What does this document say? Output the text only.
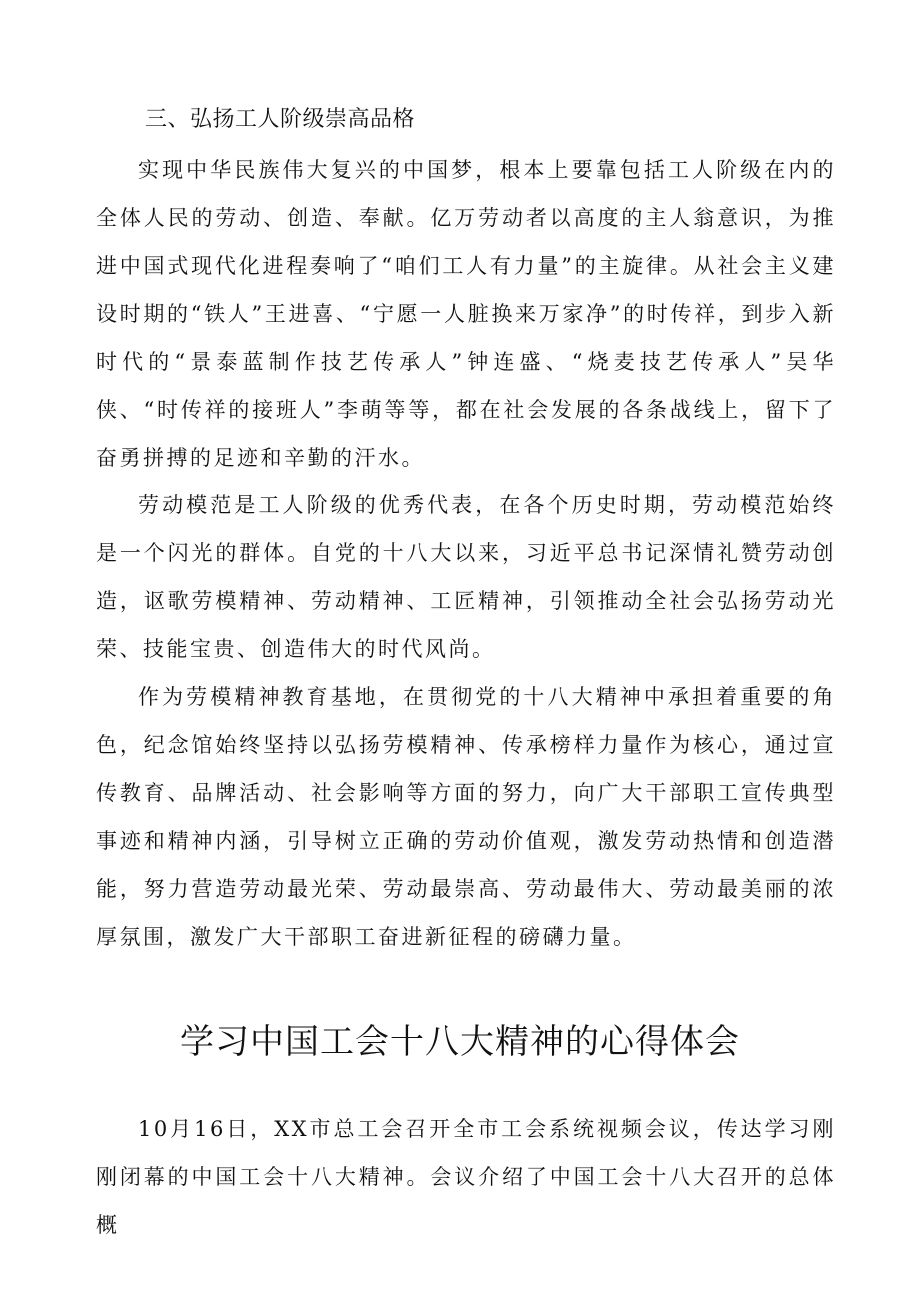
三、弘扬工人阶级崇高品格

实现中华民族伟大复兴的中国梦，根本上要靠包括工人阶级在内的全体人民的劳动、创造、奉献。亿万劳动者以高度的主人翁意识，为推进中国式现代化进程奏响了“咱们工人有力量”的主旋律。从社会主义建设时期的“铁人”王进喜、“宁愿一人脏换来万家净”的时传祥，到步入新时代的“景泰蓝制作技艺传承人”钟连盛、“烧麦技艺传承人”吴华侠、“时传祥的接班人”李萌等等，都在社会发展的各条战线上，留下了奋勇拼搏的足迹和辛勤的汗水。

劳动模范是工人阶级的优秀代表，在各个历史时期，劳动模范始终是一个闪光的群体。自党的十八大以来，习近平总书记深情礼赞劳动创造，讴歌劳模精神、劳动精神、工匠精神，引领推动全社会弘扬劳动光荣、技能宝贵、创造伟大的时代风尚。

作为劳模精神教育基地，在贯彻党的十八大精神中承担着重要的角色，纪念馆始终坚持以弘扬劳模精神、传承榜样力量作为核心，通过宣传教育、品牌活动、社会影响等方面的努力，向广大干部职工宣传典型事迹和精神内涵，引导树立正确的劳动价值观，激发劳动热情和创造潜能，努力营造劳动最光荣、劳动最崇高、劳动最伟大、劳动最美丽的浓厚氛围，激发广大干部职工奋进新征程的磅礴力量。

学习中国工会十八大精神的心得体会

10月16日，XX市总工会召开全市工会系统视频会议，传达学习刚刚闭幕的中国工会十八大精神。会议介绍了中国工会十八大召开的总体概
